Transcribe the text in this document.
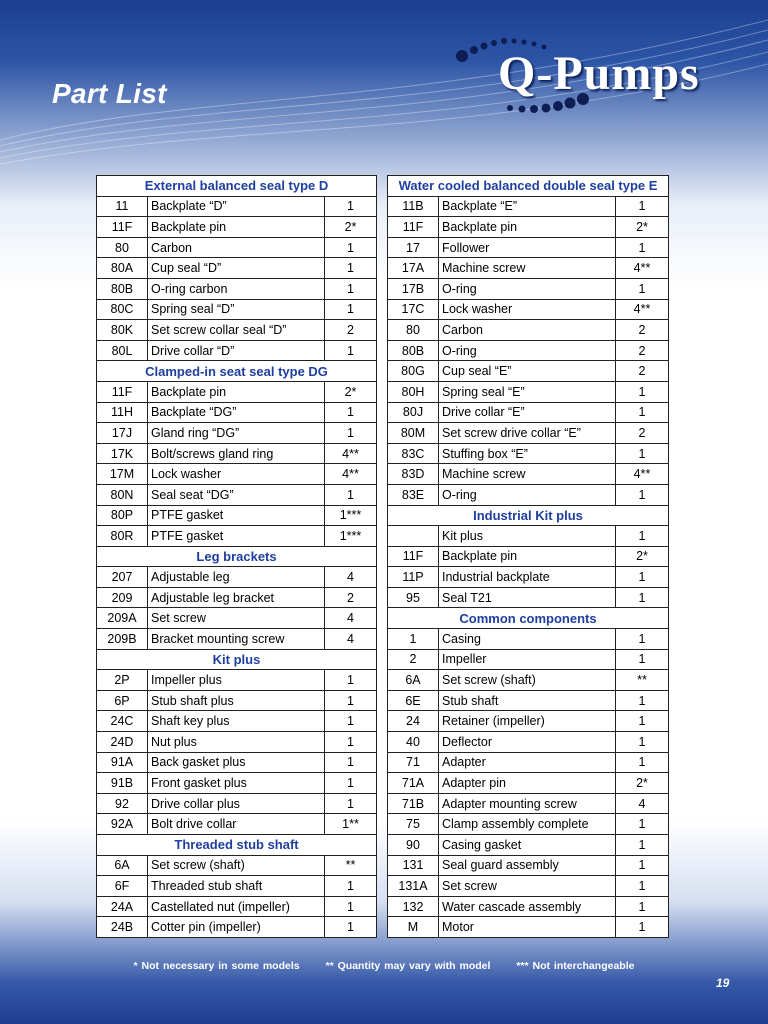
Part List	Q-Pumps
External balanced seal type D		
11	Backplate “D”	1
11F	Backplate pin	2*
80	Carbon	1
80A	Cup seal “D”	1
80B	O-ring carbon	1
80C	Spring seal “D”	1
80K	Set screw collar seal “D”	2
80L	Drive collar “D”	1
Clamped-in seat seal type DG		
11F	Backplate pin	2*
11H	Backplate “DG”	1
17J	Gland ring “DG”	1
17K	Bolt/screws gland ring	4**
17M	Lock washer	4**
80N	Seal seat “DG”	1
80P	PTFE gasket	1***
80R	PTFE gasket	1***
Leg brackets		
207	Adjustable leg	4
209	Adjustable leg bracket	2
209A	Set screw	4
209B	Bracket mounting screw	4
Kit plus		
2P	Impeller plus	1
6P	Stub shaft plus	1
24C	Shaft key plus	1
24D	Nut plus	1
91A	Back gasket plus	1
91B	Front gasket plus	1
92	Drive collar plus	1
92A	Bolt drive collar	1**
Threaded stub shaft		
6A	Set screw (shaft)	**
6F	Threaded stub shaft	1
24A	Castellated nut (impeller)	1
24B	Cotter pin (impeller)	1
Water cooled balanced double seal type E		
11B	Backplate “E”	1
11F	Backplate pin	2*
17	Follower	1
17A	Machine screw	4**
17B	O-ring	1
17C	Lock washer	4**
80	Carbon	2
80B	O-ring	2
80G	Cup seal “E”	2
80H	Spring seal “E”	1
80J	Drive collar “E”	1
80M	Set screw drive collar “E”	2
83C	Stuffing box “E”	1
83D	Machine screw	4**
83E	O-ring	1
Industrial Kit plus		
	Kit plus	1
11F	Backplate pin	2*
11P	Industrial backplate	1
95	Seal T21	1
Common components		
1	Casing	1
2	Impeller	1
6A	Set screw (shaft)	**
6E	Stub shaft	1
24	Retainer (impeller)	1
40	Deflector	1
71	Adapter	1
71A	Adapter pin	2*
71B	Adapter mounting screw	4
75	Clamp assembly complete	1
90	Casing gasket	1
131	Seal guard assembly	1
131A	Set screw	1
132	Water cascade assembly	1
M	Motor	1
* Not necessary in some models ** Quantity may vary with model *** Not interchangeable
19
